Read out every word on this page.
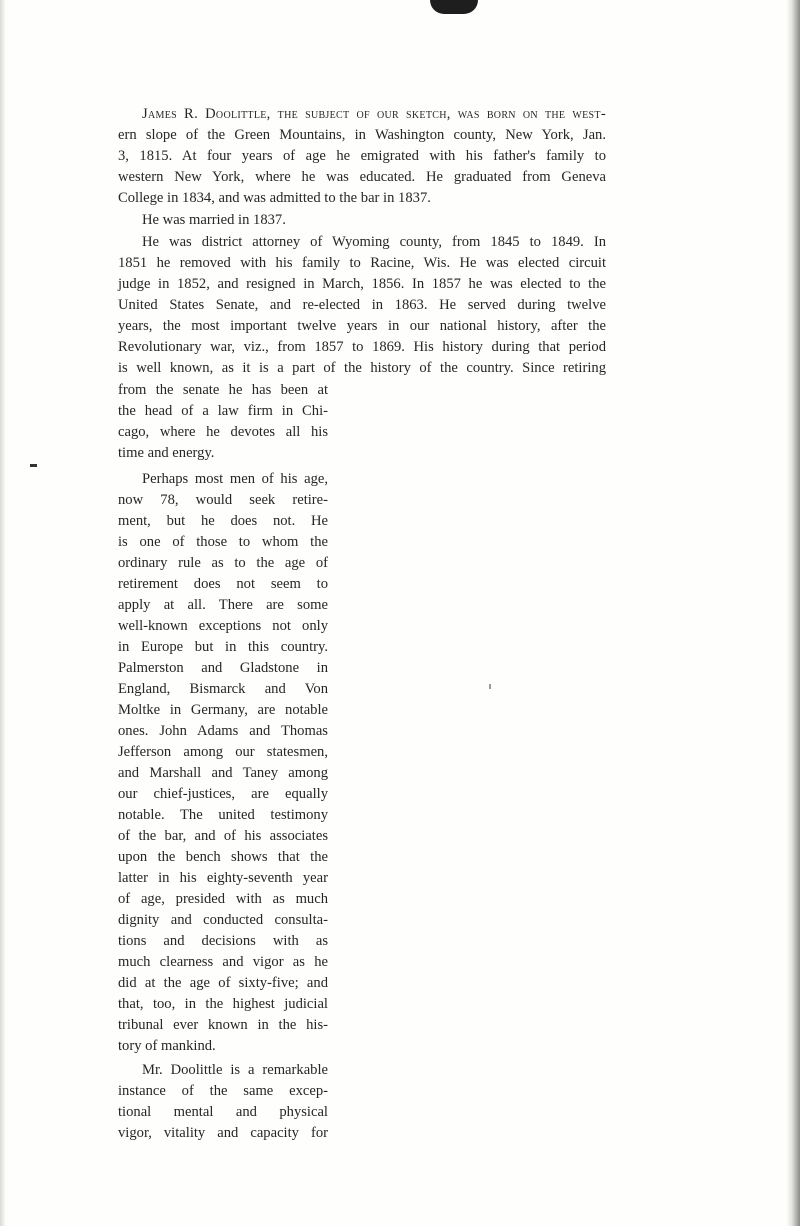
James R. Doolittle, the subject of our sketch, was born on the west-

ern slope of the Green Mountains, in Washington county, New York, Jan.

3, 1815. At four years of age he emigrated with his father's family to

western New York, where he was educated. He graduated from Geneva

College in 1834, and was admitted to the bar in 1837.

He was married in 1837.

He was district attorney of Wyoming county, from 1845 to 1849. In

1851 he removed with his family to Racine, Wis. He was elected circuit

judge in 1852, and resigned in March, 1856. In 1857 he was elected to the

United States Senate, and re-elected in 1863. He served during twelve

years, the most important twelve years in our national history, after the

Revolutionary war, viz., from 1857 to 1869. His history during that period

is well known, as it is a part of the history of the country. Since retiring

from the senate he has been at

the head of a law firm in Chi-

cago, where he devotes all his

time and energy.

Perhaps most men of his age,

now 78, would seek retire-

ment, but he does not. He

is one of those to whom the

ordinary rule as to the age of

retirement does not seem to

apply at all. There are some

well-known exceptions not only

in Europe but in this country.

Palmerston and Gladstone in

England, Bismarck and Von

Moltke in Germany, are notable

ones. John Adams and Thomas

Jefferson among our statesmen,

and Marshall and Taney among

our chief-justices, are equally

notable. The united testimony

of the bar, and of his associates

upon the bench shows that the

latter in his eighty-seventh year

of age, presided with as much

dignity and conducted consulta-

tions and decisions with as

much clearness and vigor as he

did at the age of sixty-five; and

that, too, in the highest judicial

tribunal ever known in the his-

tory of mankind.

Mr. Doolittle is a remarkable

instance of the same excep-

tional mental and physical

vigor, vitality and capacity for
